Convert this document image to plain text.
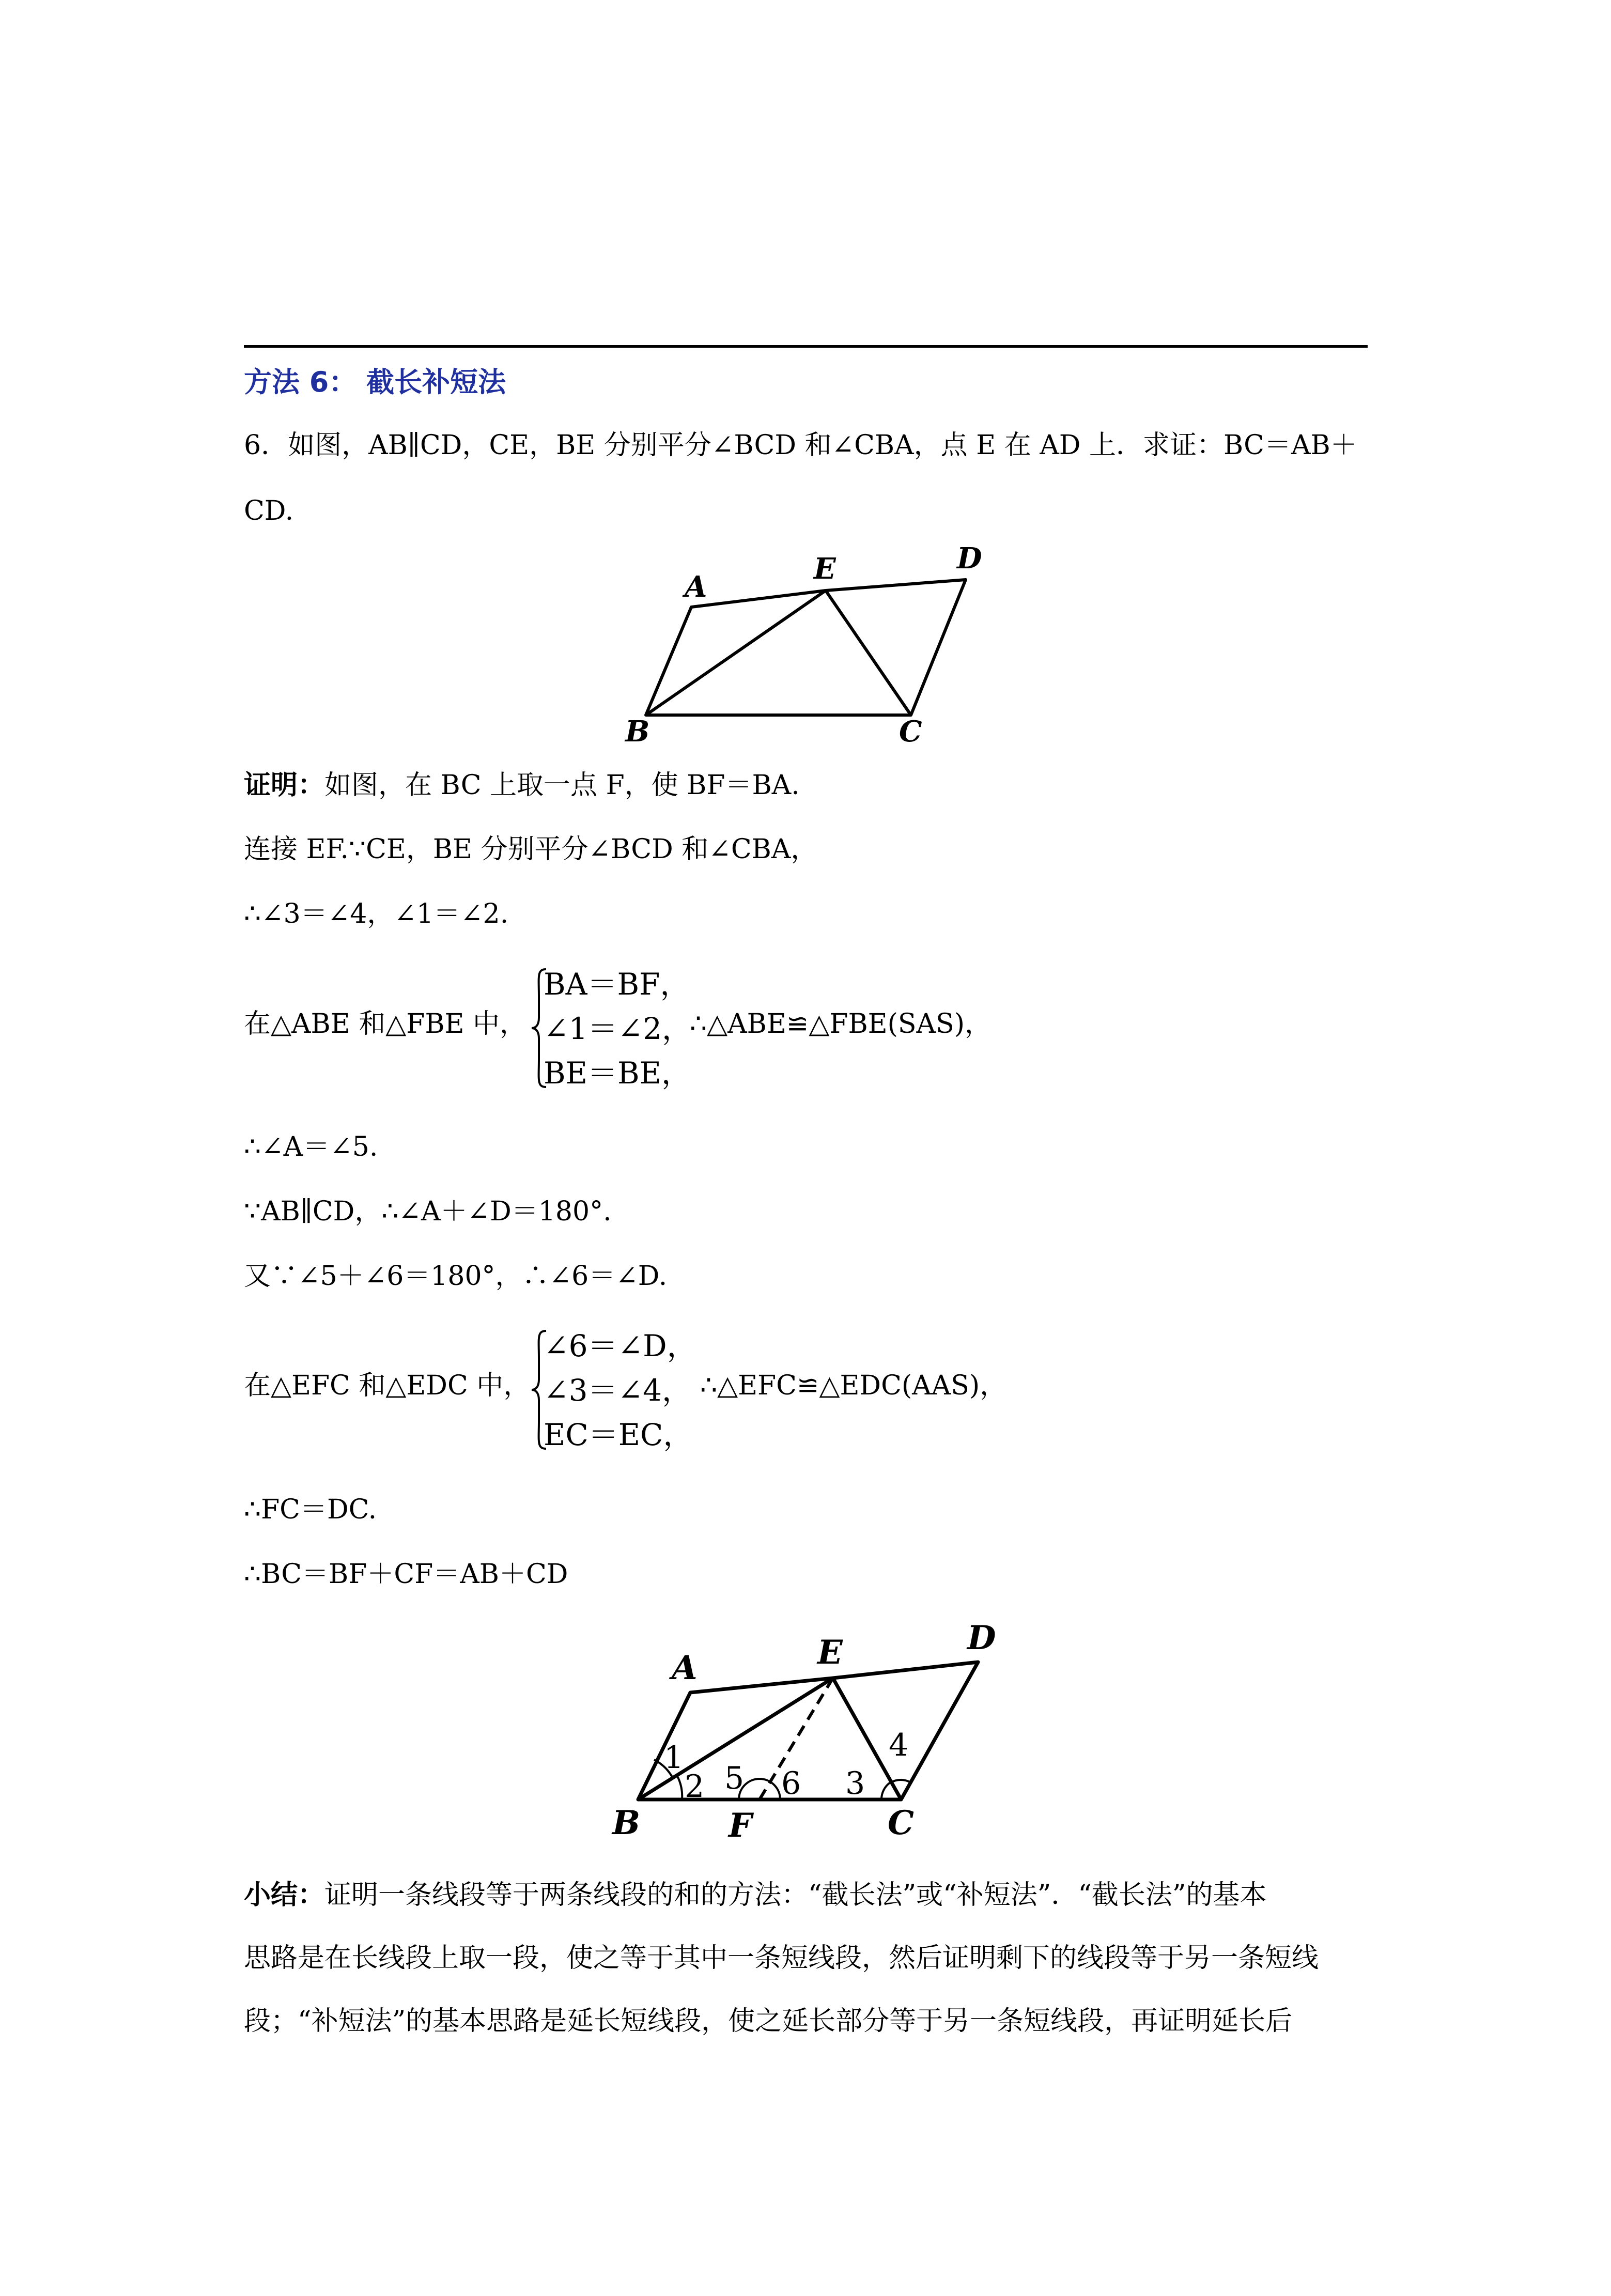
方法 6： 截长补短法
6．如图，AB∥CD，CE，BE 分别平分∠BCD 和∠CBA，点 E 在 AD 上．求证：BC＝AB＋
CD.
A
E	D
B	C
证明：如图，在 BC 上取一点 F，使 BF＝BA.
连接 EF.∵CE，BE 分别平分∠BCD 和∠CBA，
∴∠3＝∠4，∠1＝∠2.
在△ABE 和△FBE 中，
BA＝BF，
∠1＝∠2，
BE＝BE，
∴△ABE≌△FBE(SAS)，
∴∠A＝∠5.
∵AB∥CD，∴∠A＋∠D＝180°.
又∵∠5＋∠6＝180°，∴∠6＝∠D.
在△EFC 和△EDC 中，
∠6＝∠D，
∠3＝∠4，
EC＝EC，
∴△EFC≌△EDC(AAS)，
∴FC＝DC.
∴BC＝BF＋CF＝AB＋CD
A	E	D
B	F	C
1
2 5 6 3
4
小结：证明一条线段等于两条线段的和的方法：“截长法”或“补短法”．“截长法”的基本
思路是在长线段上取一段，使之等于其中一条短线段，然后证明剩下的线段等于另一条短线
段；“补短法”的基本思路是延长短线段，使之延长部分等于另一条短线段，再证明延长后
